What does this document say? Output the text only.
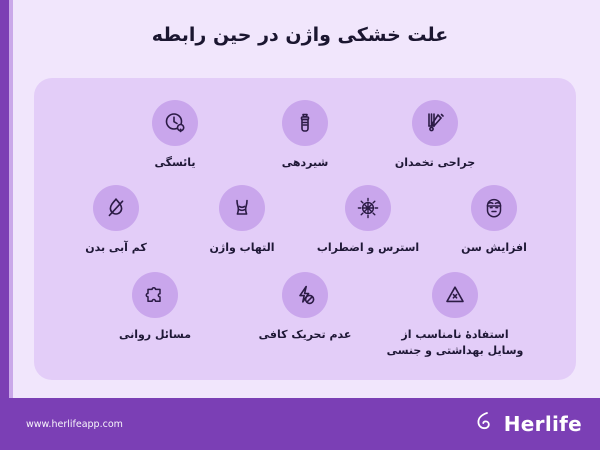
علت خشکی واژن در حین رابطه
جراحی تخمدان
شیردهی
یائسگی
افزایش سن
استرس و اضطراب
التهاب واژن
کم آبی بدن
استفادهٔ نامناسب از وسایل بهداشتی و جنسی
عدم تحریک کافی
مسائل روانی
Herlife
www.herlifeapp.com
